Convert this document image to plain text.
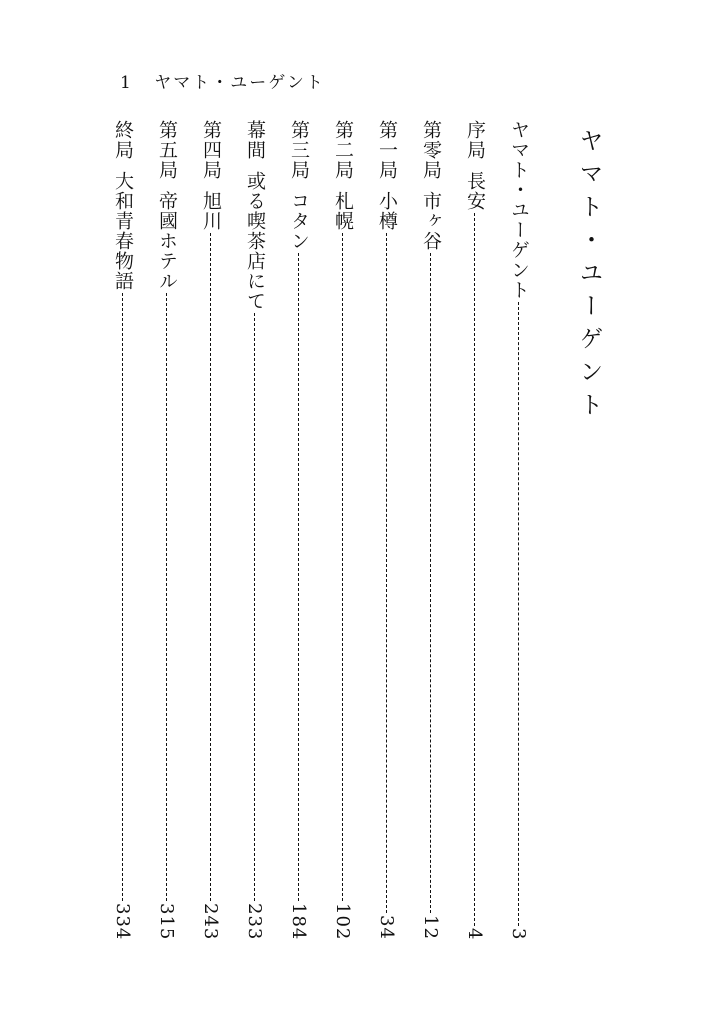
1 ヤマト・ユーゲント
ヤマト・ユーゲント
ヤマト・ユーゲント
3
序局
長安
4
第零局
市ヶ谷
12
第一局
小樽
34
第二局
札幌
102
第三局
コタン
184
幕間
或る喫茶店にて
233
第四局
旭川
243
第五局
帝國ホテル
315
終局
大和青春物語
334
